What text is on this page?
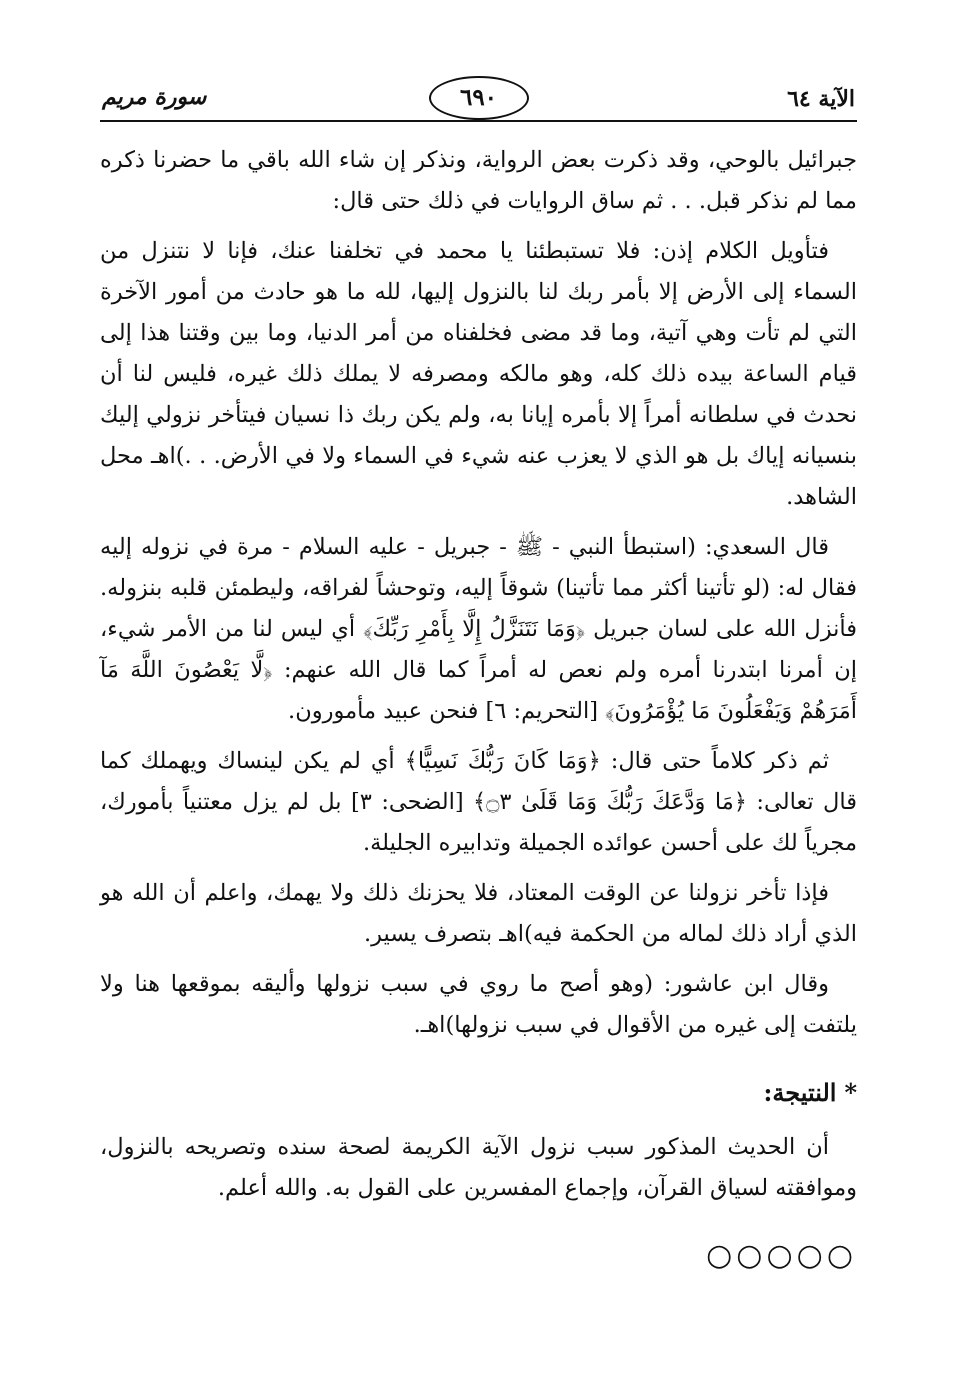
الآية ٦٤
٦٩٠
سورة مريم

جبرائيل بالوحي، وقد ذكرت بعض الرواية، ونذكر إن شاء الله باقي ما حضرنا ذكره مما لم نذكر قبل. . . ثم ساق الروايات في ذلك حتى قال:

فتأويل الكلام إذن: فلا تستبطئنا يا محمد في تخلفنا عنك، فإنا لا نتنزل من السماء إلى الأرض إلا بأمر ربك لنا بالنزول إليها، لله ما هو حادث من أمور الآخرة التي لم تأت وهي آتية، وما قد مضى فخلفناه من أمر الدنيا، وما بين وقتنا هذا إلى قيام الساعة بيده ذلك كله، وهو مالكه ومصرفه لا يملك ذلك غيره، فليس لنا أن نحدث في سلطانه أمراً إلا بأمره إيانا به، ولم يكن ربك ذا نسيان فيتأخر نزولي إليك بنسيانه إياك بل هو الذي لا يعزب عنه شيء في السماء ولا في الأرض. . .)اهـ محل الشاهد.

قال السعدي: (استبطأ النبي - ﷺ - جبريل - عليه السلام - مرة في نزوله إليه فقال له: (لو تأتينا أكثر مما تأتينا) شوقاً إليه، وتوحشاً لفراقه، وليطمئن قلبه بنزوله. فأنزل الله على لسان جبريل ﴿وَمَا نَتَنَزَّلُ إِلَّا بِأَمْرِ رَبِّكَ﴾ أي ليس لنا من الأمر شيء، إن أمرنا ابتدرنا أمره ولم نعص له أمراً كما قال الله عنهم: ﴿لَّا يَعْصُونَ اللَّهَ مَآ أَمَرَهُمْ وَيَفْعَلُونَ مَا يُؤْمَرُونَ﴾ [التحريم: ٦] فنحن عبيد مأمورون.

ثم ذكر كلاماً حتى قال: ﴿وَمَا كَانَ رَبُّكَ نَسِيًّا﴾ أي لم يكن لينساك ويهملك كما قال تعالى: ﴿مَا وَدَّعَكَ رَبُّكَ وَمَا قَلَىٰ ۝٣﴾ [الضحى: ٣] بل لم يزل معتنياً بأمورك، مجرياً لك على أحسن عوائده الجميلة وتدابيره الجليلة.

فإذا تأخر نزولنا عن الوقت المعتاد، فلا يحزنك ذلك ولا يهمك، واعلم أن الله هو الذي أراد ذلك لماله من الحكمة فيه)اهـ بتصرف يسير.

وقال ابن عاشور: (وهو أصح ما روي في سبب نزولها وأليقه بموقعها هنا ولا يلتفت إلى غيره من الأقوال في سبب نزولها)اهـ.

*النتيجة:

أن الحديث المذكور سبب نزول الآية الكريمة لصحة سنده وتصريحه بالنزول، وموافقته لسياق القرآن، وإجماع المفسرين على القول به. والله أعلم.

○○○○○
